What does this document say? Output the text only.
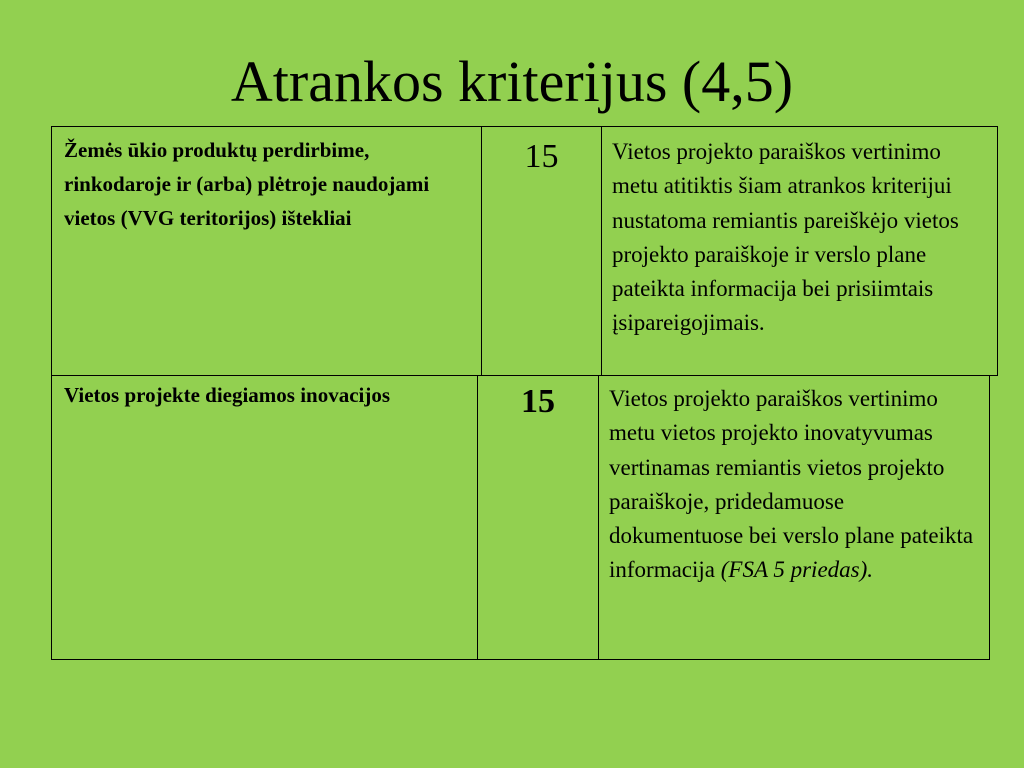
Atrankos kriterijus (4,5)
Žemės ūkio produktų perdirbime, rinkodaroje ir (arba) plėtroje naudojami vietos (VVG teritorijos) ištekliai	15	Vietos projekto paraiškos vertinimo metu atitiktis šiam atrankos kriterijui nustatoma remiantis pareiškėjo vietos projekto paraiškoje ir verslo plane pateikta informacija bei prisiimtais įsipareigojimais.
Vietos projekte diegiamos inovacijos	15	Vietos projekto paraiškos vertinimo metu vietos projekto inovatyvumas vertinamas remiantis vietos projekto paraiškoje, pridedamuose dokumentuose bei verslo plane pateikta informacija (FSA 5 priedas).
